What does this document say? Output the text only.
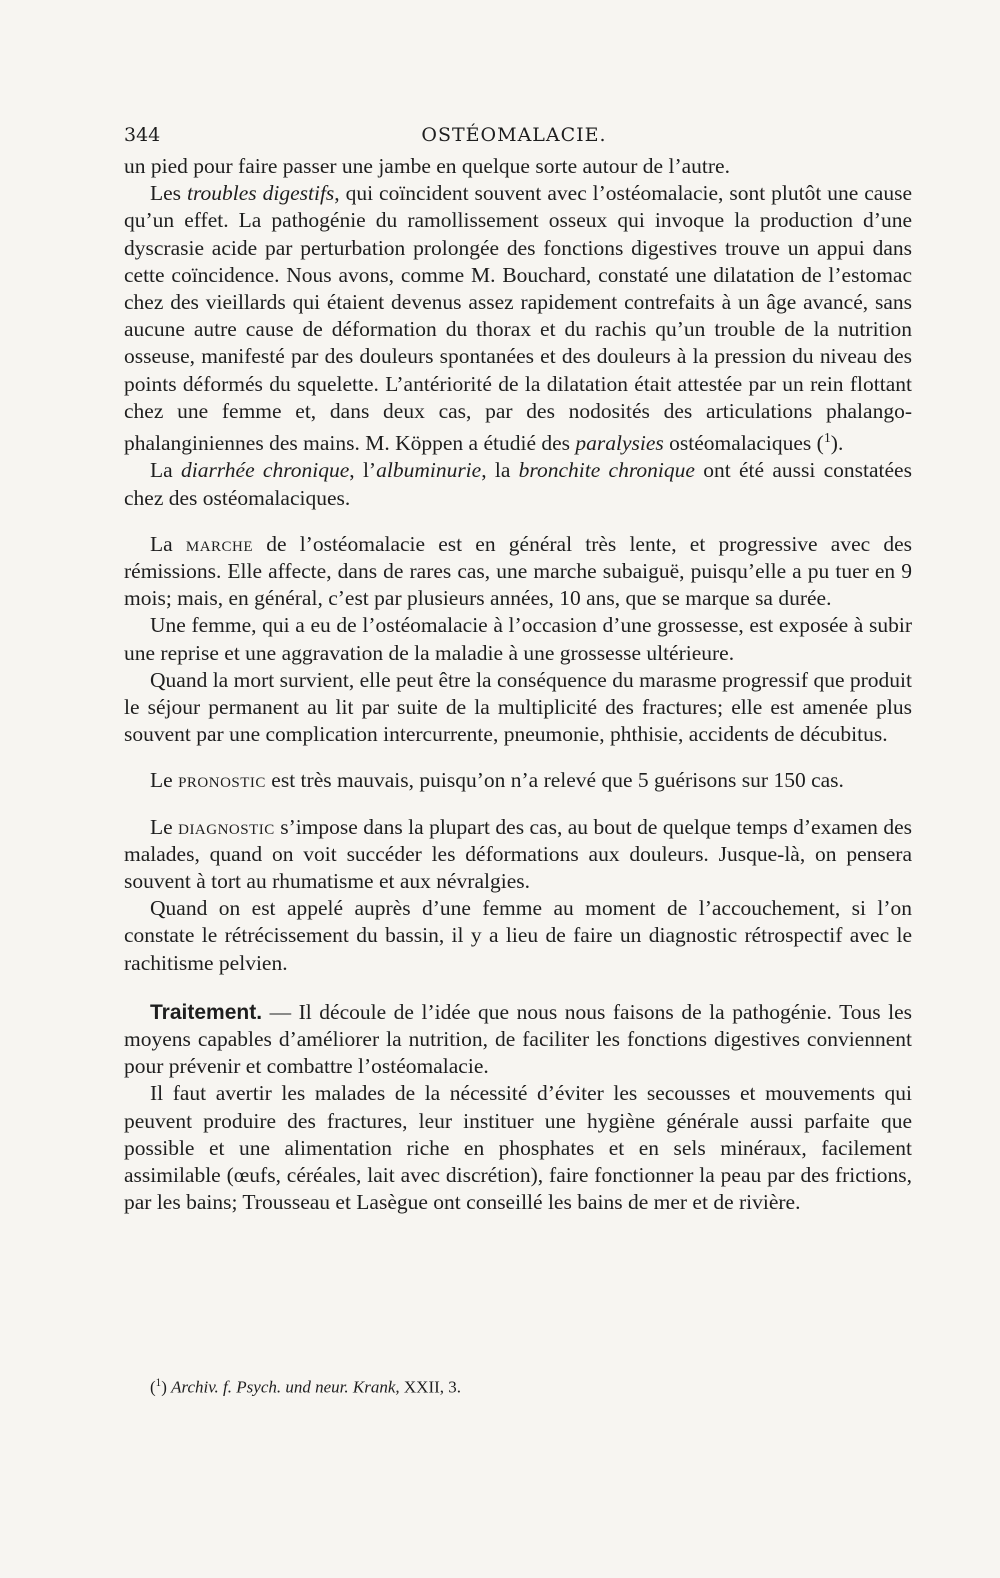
344	OSTÉOMALACIE.

un pied pour faire passer une jambe en quelque sorte autour de l’autre.

Les troubles digestifs, qui coïncident souvent avec l’ostéomalacie, sont plutôt une cause qu’un effet. La pathogénie du ramollissement osseux qui invoque la production d’une dyscrasie acide par perturbation prolongée des fonctions digestives trouve un appui dans cette coïncidence. Nous avons, comme M. Bouchard, constaté une dilatation de l’estomac chez des vieillards qui étaient devenus assez rapidement contrefaits à un âge avancé, sans aucune autre cause de déformation du thorax et du rachis qu’un trouble de la nutrition osseuse, manifesté par des douleurs spontanées et des douleurs à la pression du niveau des points déformés du squelette. L’antériorité de la dilatation était attestée par un rein flottant chez une femme et, dans deux cas, par des nodosités des articulations phalango-phalanginiennes des mains. M. Köppen a étudié des paralysies ostéomalaciques ($^1$).

La diarrhée chronique, l’albuminurie, la bronchite chronique ont été aussi constatées chez des ostéomalaciques.

La marche de l’ostéomalacie est en général très lente, et progressive avec des rémissions. Elle affecte, dans de rares cas, une marche subaiguë, puisqu’elle a pu tuer en 9 mois; mais, en général, c’est par plusieurs années, 10 ans, que se marque sa durée.

Une femme, qui a eu de l’ostéomalacie à l’occasion d’une grossesse, est exposée à subir une reprise et une aggravation de la maladie à une grossesse ultérieure.

Quand la mort survient, elle peut être la conséquence du marasme progressif que produit le séjour permanent au lit par suite de la multiplicité des fractures; elle est amenée plus souvent par une complication intercurrente, pneumonie, phthisie, accidents de décubitus.

Le pronostic est très mauvais, puisqu’on n’a relevé que 5 guérisons sur 150 cas.

Le diagnostic s’impose dans la plupart des cas, au bout de quelque temps d’examen des malades, quand on voit succéder les déformations aux douleurs. Jusque-là, on pensera souvent à tort au rhumatisme et aux névralgies.

Quand on est appelé auprès d’une femme au moment de l’accouchement, si l’on constate le rétrécissement du bassin, il y a lieu de faire un diagnostic rétrospectif avec le rachitisme pelvien.

Traitement. — Il découle de l’idée que nous nous faisons de la pathogénie. Tous les moyens capables d’améliorer la nutrition, de faciliter les fonctions digestives conviennent pour prévenir et combattre l’ostéomalacie.

Il faut avertir les malades de la nécessité d’éviter les secousses et mouvements qui peuvent produire des fractures, leur instituer une hygiène générale aussi parfaite que possible et une alimentation riche en phosphates et en sels minéraux, facilement assimilable (œufs, céréales, lait avec discrétion), faire fonctionner la peau par des frictions, par les bains; Trousseau et Lasègue ont conseillé les bains de mer et de rivière.

($^1$) Archiv. f. Psych. und neur. Krank, XXII, 3.
